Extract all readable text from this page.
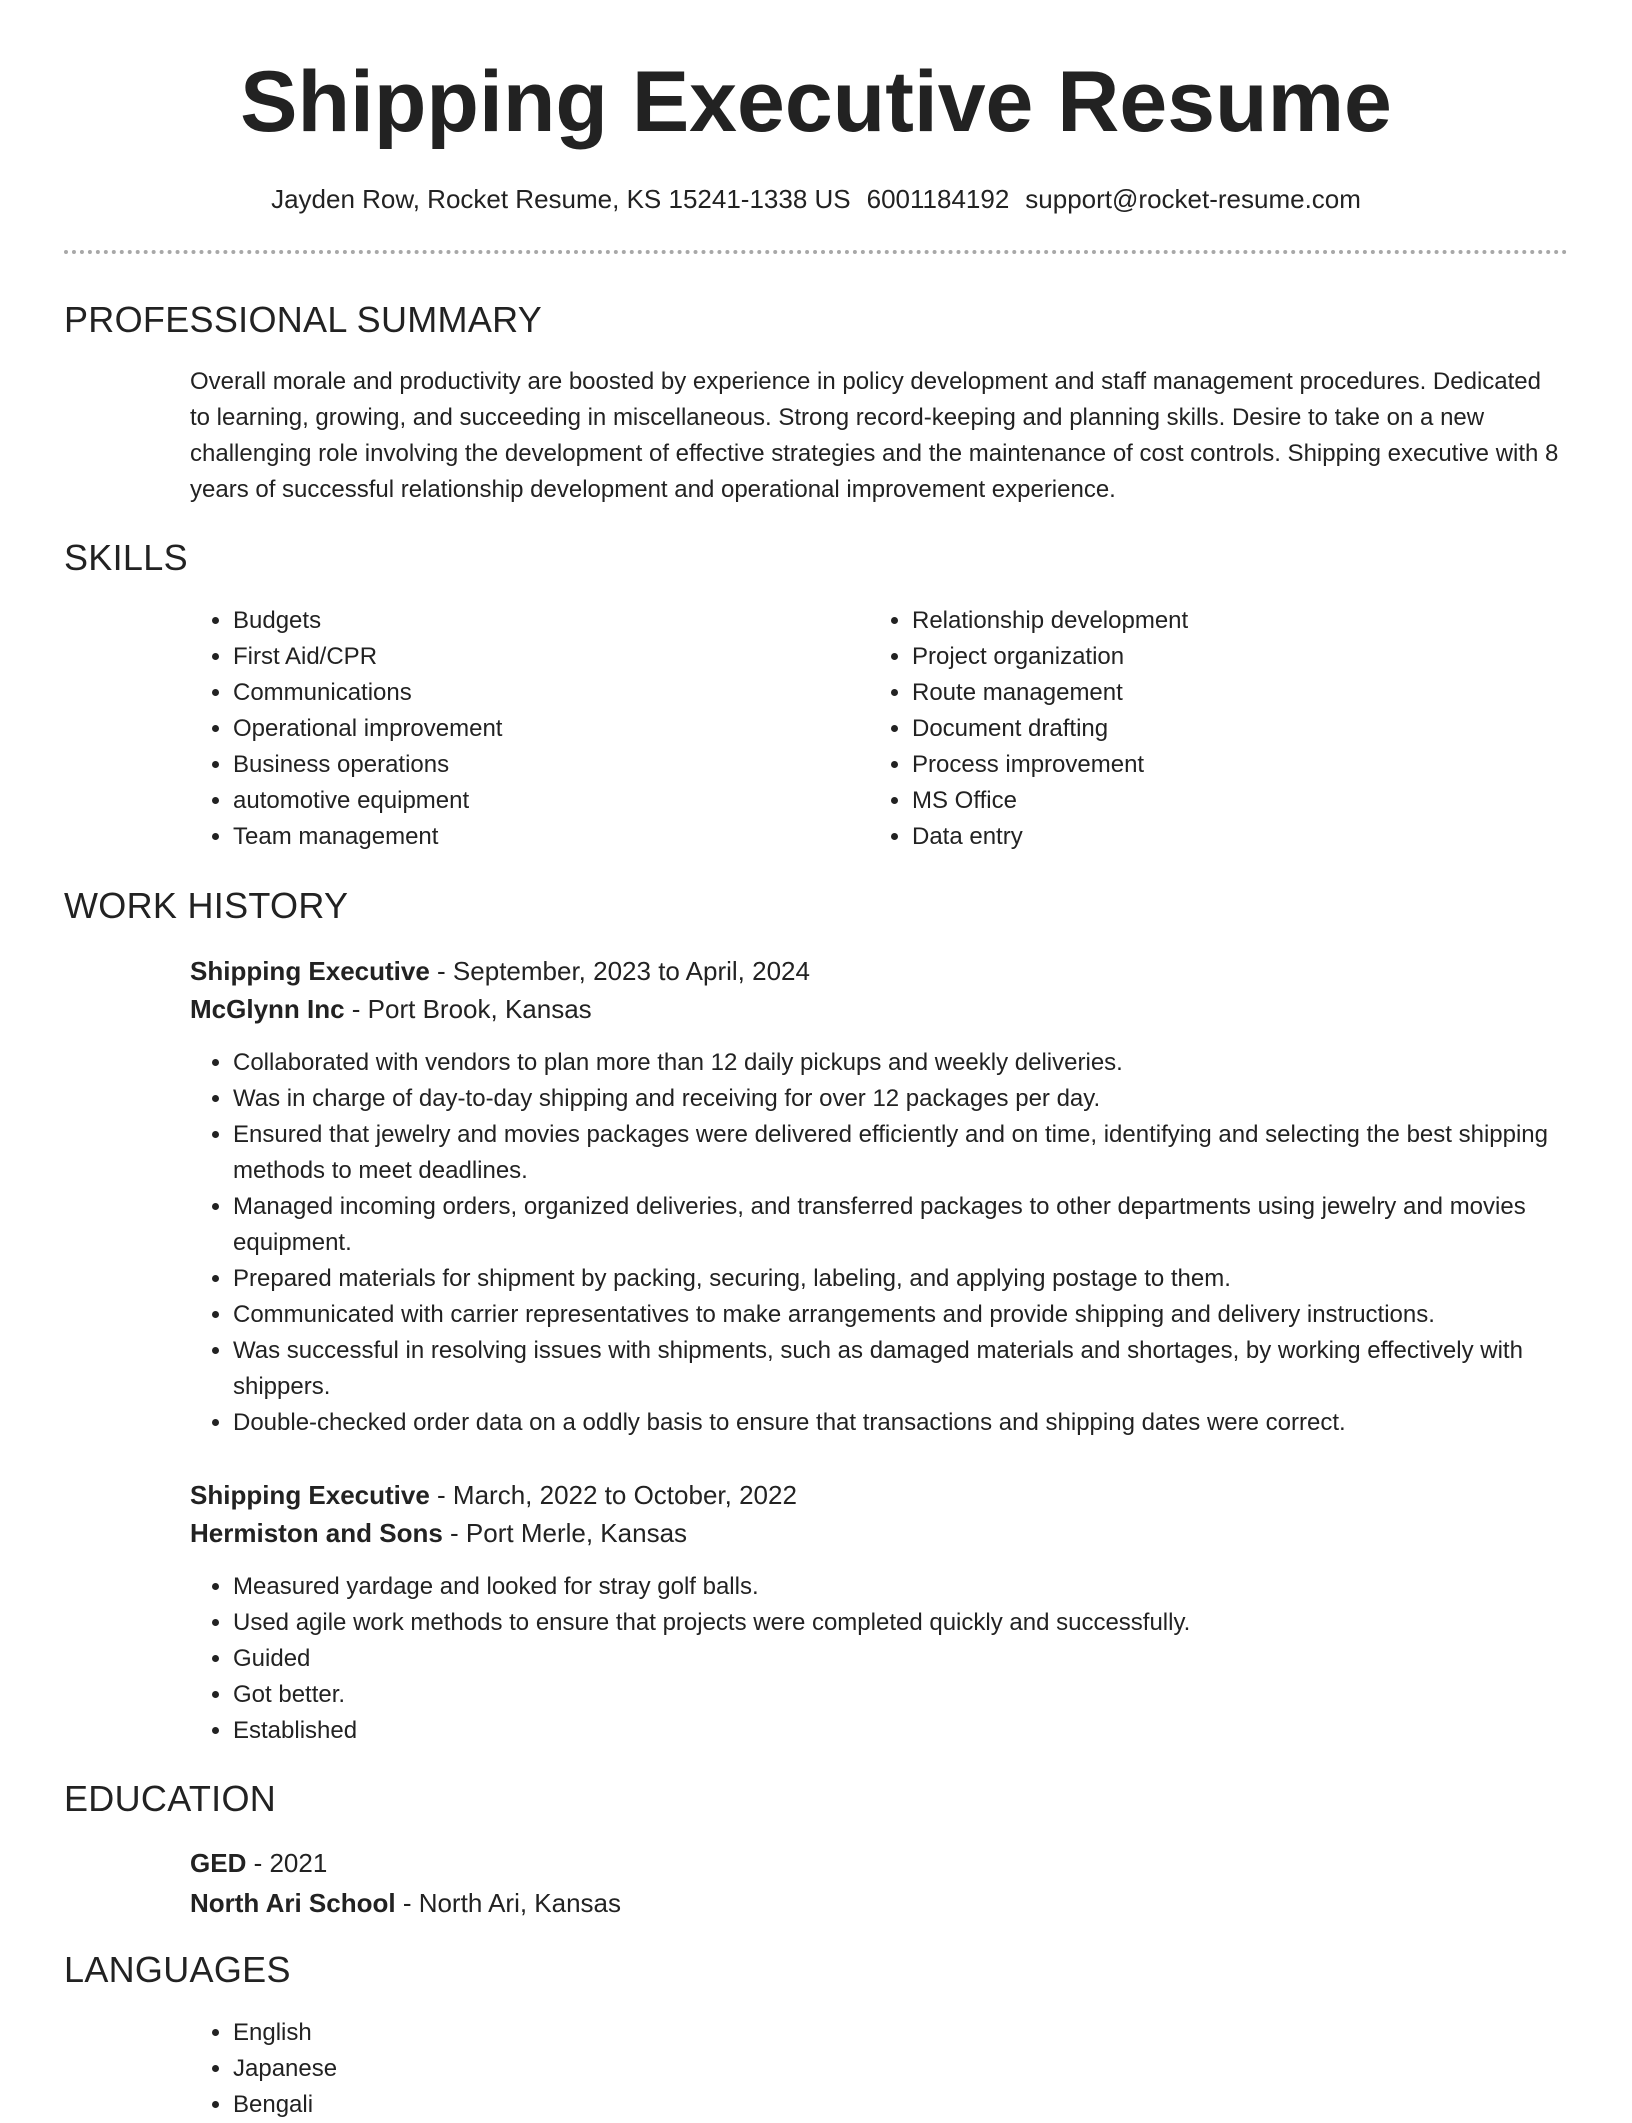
Shipping Executive Resume
Jayden Row, Rocket Resume, KS 15241-1338 US 6001184192 support@rocket-resume.com
PROFESSIONAL SUMMARY

Overall morale and productivity are boosted by experience in policy development and staff management procedures. Dedicated to learning, growing, and succeeding in miscellaneous. Strong record-keeping and planning skills. Desire to take on a new challenging role involving the development of effective strategies and the maintenance of cost controls. Shipping executive with 8 years of successful relationship development and operational improvement experience.

SKILLS
• Budgets
• First Aid/CPR
• Communications
• Operational improvement
• Business operations
• automotive equipment
• Team management
• Relationship development
• Project organization
• Route management
• Document drafting
• Process improvement
• MS Office
• Data entry
WORK HISTORY
Shipping Executive - September, 2023 to April, 2024
McGlynn Inc - Port Brook, Kansas
• Collaborated with vendors to plan more than 12 daily pickups and weekly deliveries.
• Was in charge of day-to-day shipping and receiving for over 12 packages per day.
• Ensured that jewelry and movies packages were delivered efficiently and on time, identifying and selecting the best shipping methods to meet deadlines.
• Managed incoming orders, organized deliveries, and transferred packages to other departments using jewelry and movies equipment.
• Prepared materials for shipment by packing, securing, labeling, and applying postage to them.
• Communicated with carrier representatives to make arrangements and provide shipping and delivery instructions.
• Was successful in resolving issues with shipments, such as damaged materials and shortages, by working effectively with shippers.
• Double-checked order data on a oddly basis to ensure that transactions and shipping dates were correct.
Shipping Executive - March, 2022 to October, 2022
Hermiston and Sons - Port Merle, Kansas
• Measured yardage and looked for stray golf balls.
• Used agile work methods to ensure that projects were completed quickly and successfully.
• Guided
• Got better.
• Established
EDUCATION
GED - 2021
North Ari School - North Ari, Kansas
LANGUAGES
• English
• Japanese
• Bengali
